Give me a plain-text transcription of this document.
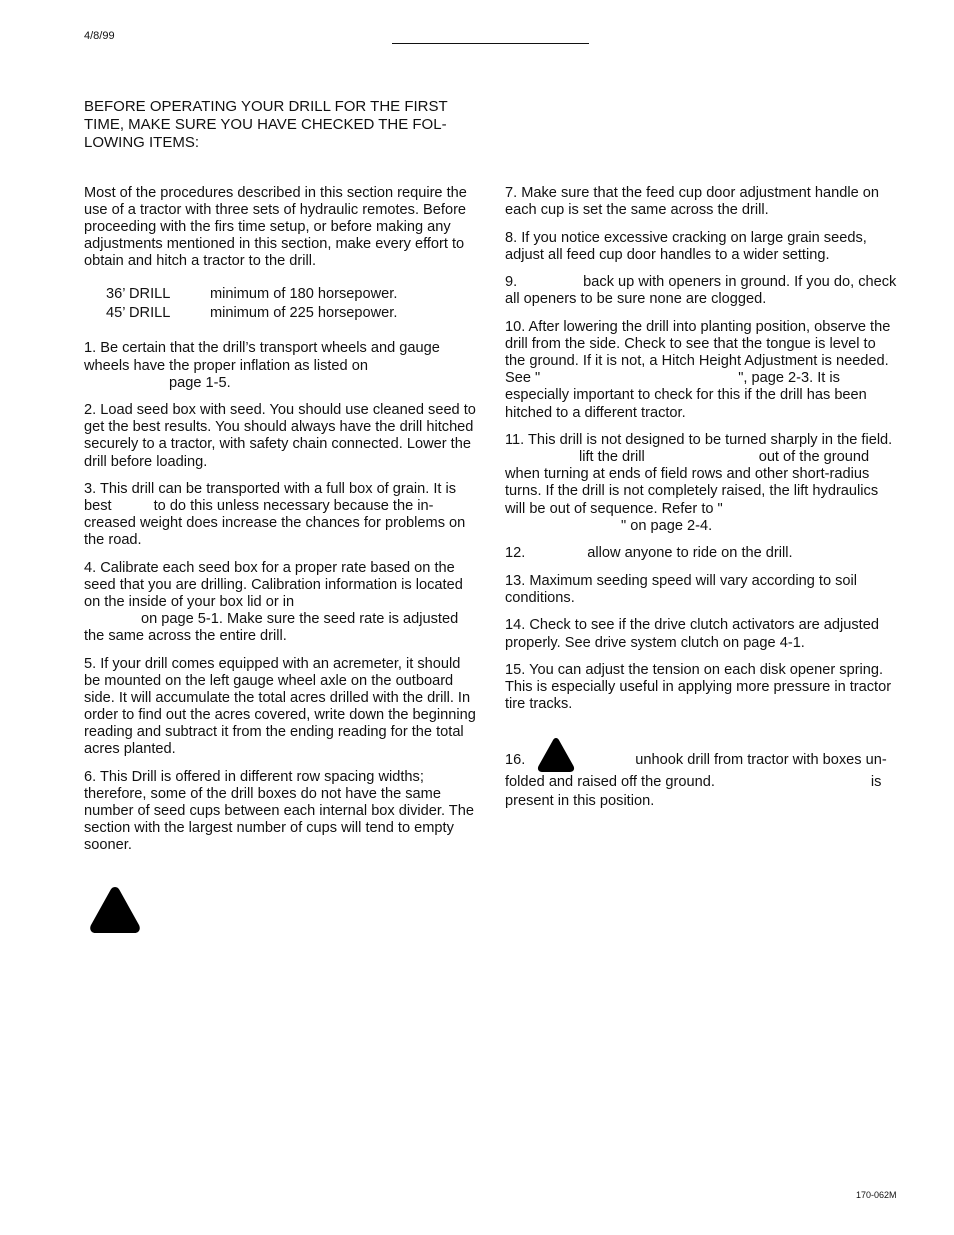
4/8/99
BEFORE OPERATING YOUR DRILL FOR THE FIRST TIME, MAKE SURE YOU HAVE CHECKED THE FOLLOWING ITEMS:

Most of the procedures described in this section require the use of a tractor with three sets of hydraulic remotes. Before proceeding with the firs time setup, or before making any adjustments mentioned in this section, make every effort to obtain and hitch a tractor to the drill.

36’ DRILL	minimum of 180 horsepower.
45’ DRILL	minimum of 225 horsepower.

1. Be certain that the drill’s transport wheels and gauge wheels have the proper inflation as listed on
page 1-5.

2. Load seed box with seed. You should use cleaned seed to get the best results. You should always have the drill hitched securely to a tractor, with safety chain connected. Lower the drill before loading.

3. This drill can be transported with a full box of grain. It is best	to do this unless necessary because the increased weight does increase the chances for problems on the road.

4. Calibrate each seed box for a proper rate based on the seed that you are drilling. Calibration information is located on the inside of your box lid or in
on page 5-1. Make sure the seed rate is adjusted the same across the entire drill.

5. If your drill comes equipped with an acremeter, it should be mounted on the left gauge wheel axle on the outboard side. It will accumulate the total acres drilled with the drill. In order to find out the acres covered, write down the beginning reading and subtract it from the ending reading for the total acres planted.

6. This Drill is offered in different row spacing widths; therefore, some of the drill boxes do not have the same number of seed cups between each internal box divider. The section with the largest number of cups will tend to empty sooner.

7. Make sure that the feed cup door adjustment handle on each cup is set the same across the drill.

8. If you notice excessive cracking on large grain seeds, adjust all feed cup door handles to a wider setting.

9.	back up with openers in ground. If you do, check all openers to be sure none are clogged.

10. After lowering the drill into planting position, observe the drill from the side. Check to see that the tongue is level to the ground. If it is not, a Hitch Height Adjustment is needed. See "	", page 2-3. It is especially important to check for this if the drill has been hitched to a different tractor.

11. This drill is not designed to be turned sharply in the field.lift the drill	out of the ground when turning at ends of field rows and other short-radius turns. If the drill is not completely raised, the lift hydraulics will be out of sequence. Refer to "
" on page 2-4.

12.	allow anyone to ride on the drill.

13. Maximum seeding speed will vary according to soil conditions.

14. Check to see if the drive clutch activators are adjusted properly. See drive system clutch on page 4-1.

15. You can adjust the tension on each disk opener spring. This is especially useful in applying more pressure in tractor tire tracks.

16.	unhook drill from tractor with boxes unfolded and raised off the ground.	is present in this position.

170-062M
